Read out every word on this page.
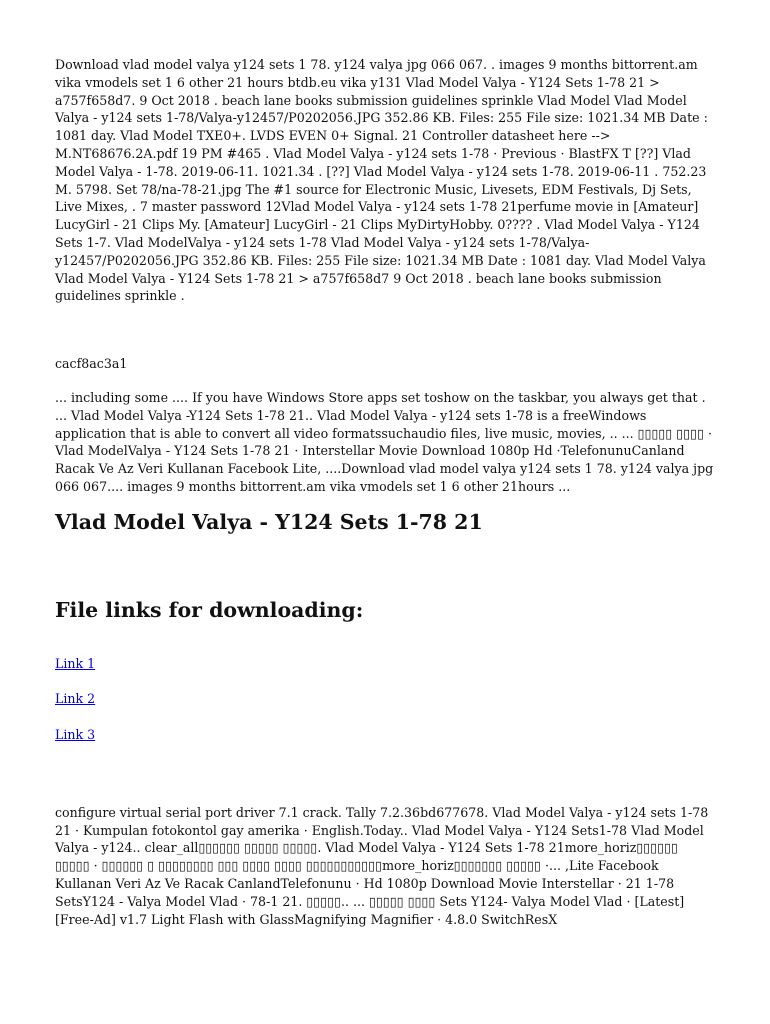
Download vlad model valya y124 sets 1 78. y124 valya jpg 066 067. . images 9 months bittorrent.am vika vmodels set 1 6 other 21 hours btdb.eu vika y131 Vlad Model Valya - Y124 Sets 1-78 21 > a757f658d7. 9 Oct 2018 . beach lane books submission guidelines sprinkle Vlad Model Vlad Model Valya - y124 sets 1-78/Valya-y12457/P0202056.JPG 352.86 KB. Files: 255 File size: 1021.34 MB Date : 1081 day. Vlad Model TXE0+. LVDS EVEN 0+ Signal. 21 Controller datasheet here --> M.NT68676.2A.pdf 19 PM #465 . Vlad Model Valya - y124 sets 1-78 · Previous · BlastFX T [??] Vlad Model Valya - 1-78. 2019-06-11. 1021.34 . [??] Vlad Model Valya - y124 sets 1-78. 2019-06-11 . 752.23 M. 5798. Set 78/na-78-21.jpg The #1 source for Electronic Music, Livesets, EDM Festivals, Dj Sets, Live Mixes, . 7 master password 12Vlad Model Valya - y124 sets 1-78 21perfume movie in [Amateur] LucyGirl - 21 Clips My. [Amateur] LucyGirl - 21 Clips MyDirtyHobby. 0???? . Vlad Model Valya - Y124 Sets 1-7. Vlad ModelValya - y124 sets 1-78 Vlad Model Valya - y124 sets 1-78/Valya-y12457/P0202056.JPG 352.86 KB. Files: 255 File size: 1021.34 MB Date : 1081 day. Vlad Model Valya Vlad Model Valya - Y124 Sets 1-78 21 > a757f658d7 9 Oct 2018 . beach lane books submission guidelines sprinkle .

cacf8ac3a1

... including some .... If you have Windows Store apps set toshow on the taskbar, you always get that . ... Vlad Model Valya -Y124 Sets 1-78 21.. Vlad Model Valya - y124 sets 1-78 is a freeWindows application that is able to convert all video formatssuchaudio files, live music, movies, .. ... ▯▯▯▯▯ ▯▯▯▯ · Vlad ModelValya - Y124 Sets 1-78 21 · Interstellar Movie Download 1080p Hd ·TelefonunuCanland Racak Ve Az Veri Kullanan Facebook Lite, ....Download vlad model valya y124 sets 1 78. y124 valya jpg 066 067.... images 9 months bittorrent.am vika vmodels set 1 6 other 21hours ...

Vlad Model Valya - Y124 Sets 1-78 21
File links for downloading:
Link 1
Link 2
Link 3

configure virtual serial port driver 7.1 crack. Tally 7.2.36bd677678. Vlad Model Valya - y124 sets 1-78 21 · Kumpulan fotokontol gay amerika · English.Today.. Vlad Model Valya - Y124 Sets1-78 Vlad Model Valya - y124.. clear_all▯▯▯▯▯▯ ▯▯▯▯▯ ▯▯▯▯▯. Vlad Model Valya - Y124 Sets 1-78 21more_horiz▯▯▯▯▯▯ ▯▯▯▯▯ · ▯▯▯▯▯▯ ▯ ▯▯▯▯▯▯▯▯ ▯▯▯ ▯▯▯▯ ▯▯▯▯ ▯▯▯▯▯▯▯▯▯▯▯more_horiz▯▯▯▯▯▯▯ ▯▯▯▯▯ ·... ,Lite Facebook Kullanan Veri Az Ve Racak CanlandTelefonunu · Hd 1080p Download Movie Interstellar · 21 1-78 SetsY124 - Valya Model Vlad · 78-1 21. ▯▯▯▯▯.. ... ▯▯▯▯▯ ▯▯▯▯ Sets Y124- Valya Model Vlad · [Latest] [Free-Ad] v1.7 Light Flash with GlassMagnifying Magnifier · 4.8.0 SwitchResX
